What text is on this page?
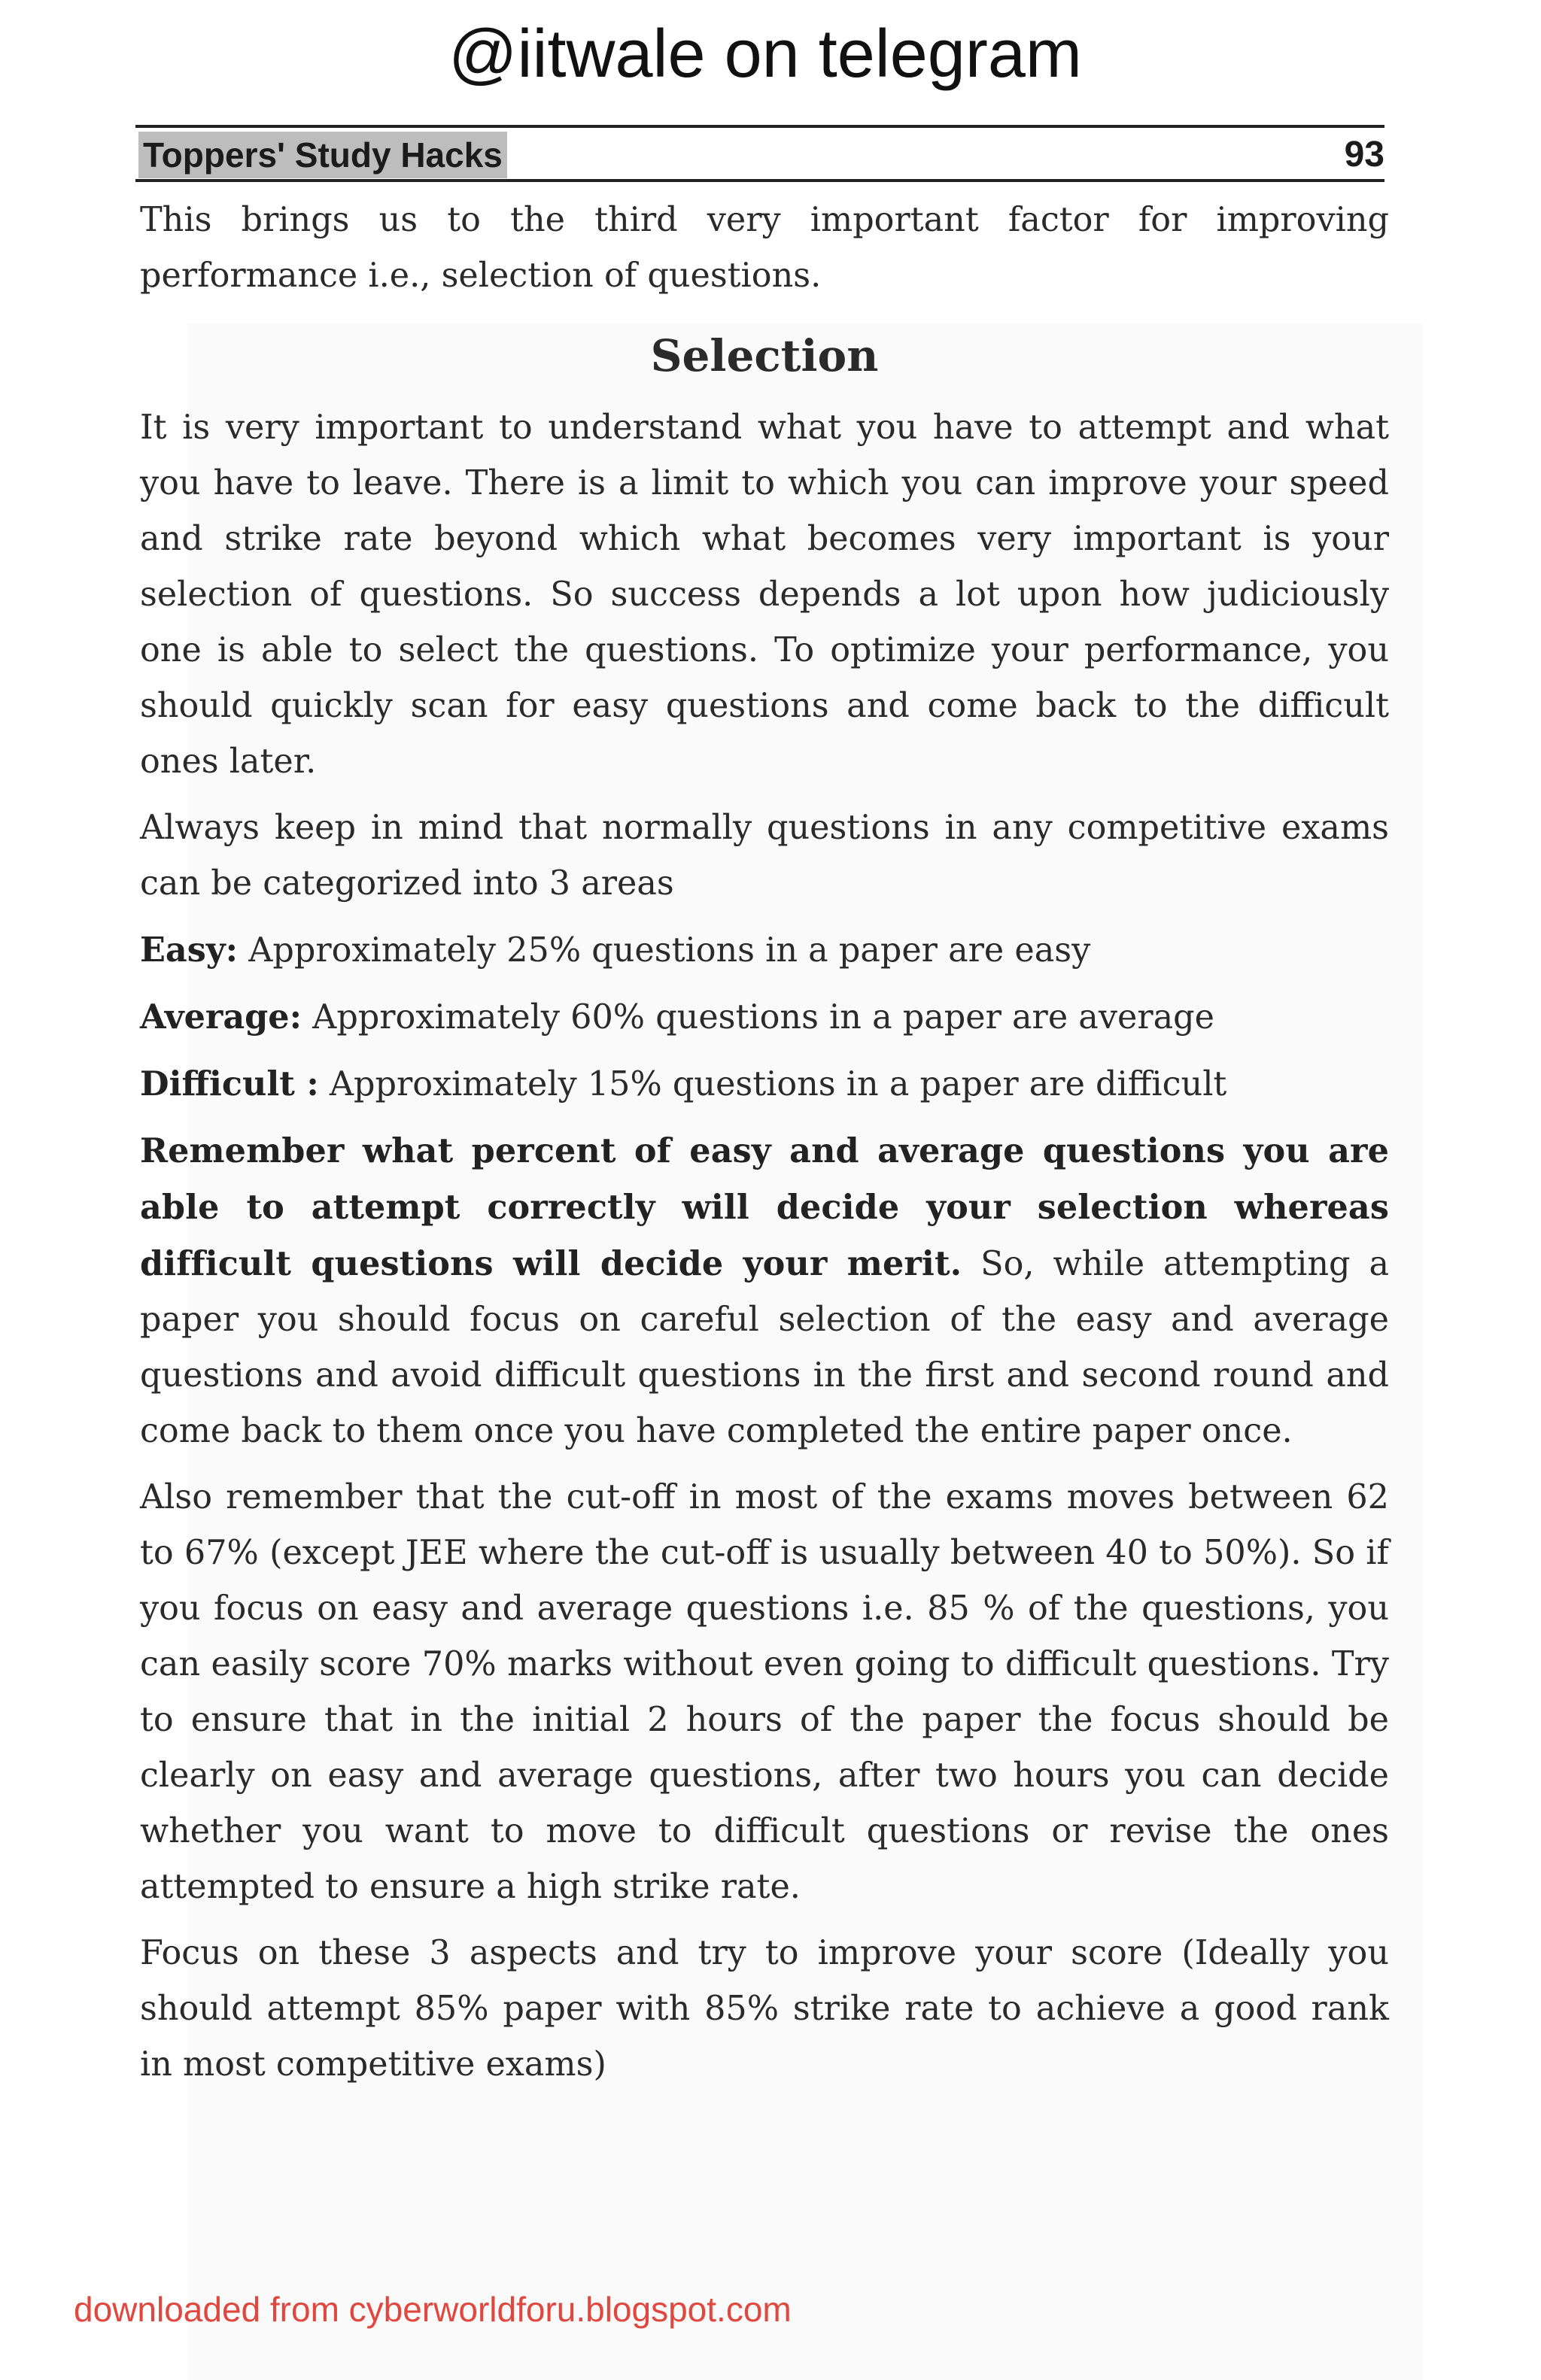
@iitwale on telegram
Toppers' Study Hacks	93

This brings us to the third very important factor for improving performance i.e., selection of questions.

Selection

It is very important to understand what you have to attempt and what you have to leave. There is a limit to which you can improve your speed and strike rate beyond which what becomes very important is your selection of questions. So success depends a lot upon how judiciously one is able to select the questions. To optimize your performance, you should quickly scan for easy questions and come back to the difficult ones later.

Always keep in mind that normally questions in any competitive exams can be categorized into 3 areas

Easy: Approximately 25% questions in a paper are easy

Average: Approximately 60% questions in a paper are average

Difficult : Approximately 15% questions in a paper are difficult

Remember what percent of easy and average questions you are able to attempt correctly will decide your selection whereas difficult questions will decide your merit. So, while attempting a paper you should focus on careful selection of the easy and average questions and avoid difficult questions in the first and second round and come back to them once you have completed the entire paper once.

Also remember that the cut-off in most of the exams moves between 62 to 67% (except JEE where the cut-off is usually between 40 to 50%). So if you focus on easy and average questions i.e. 85 % of the questions, you can easily score 70% marks without even going to difficult questions. Try to ensure that in the initial 2 hours of the paper the focus should be clearly on easy and average questions, after two hours you can decide whether you want to move to difficult questions or revise the ones attempted to ensure a high strike rate.

Focus on these 3 aspects and try to improve your score (Ideally you should attempt 85% paper with 85% strike rate to achieve a good rank in most competitive exams)

downloaded from cyberworldforu.blogspot.com
